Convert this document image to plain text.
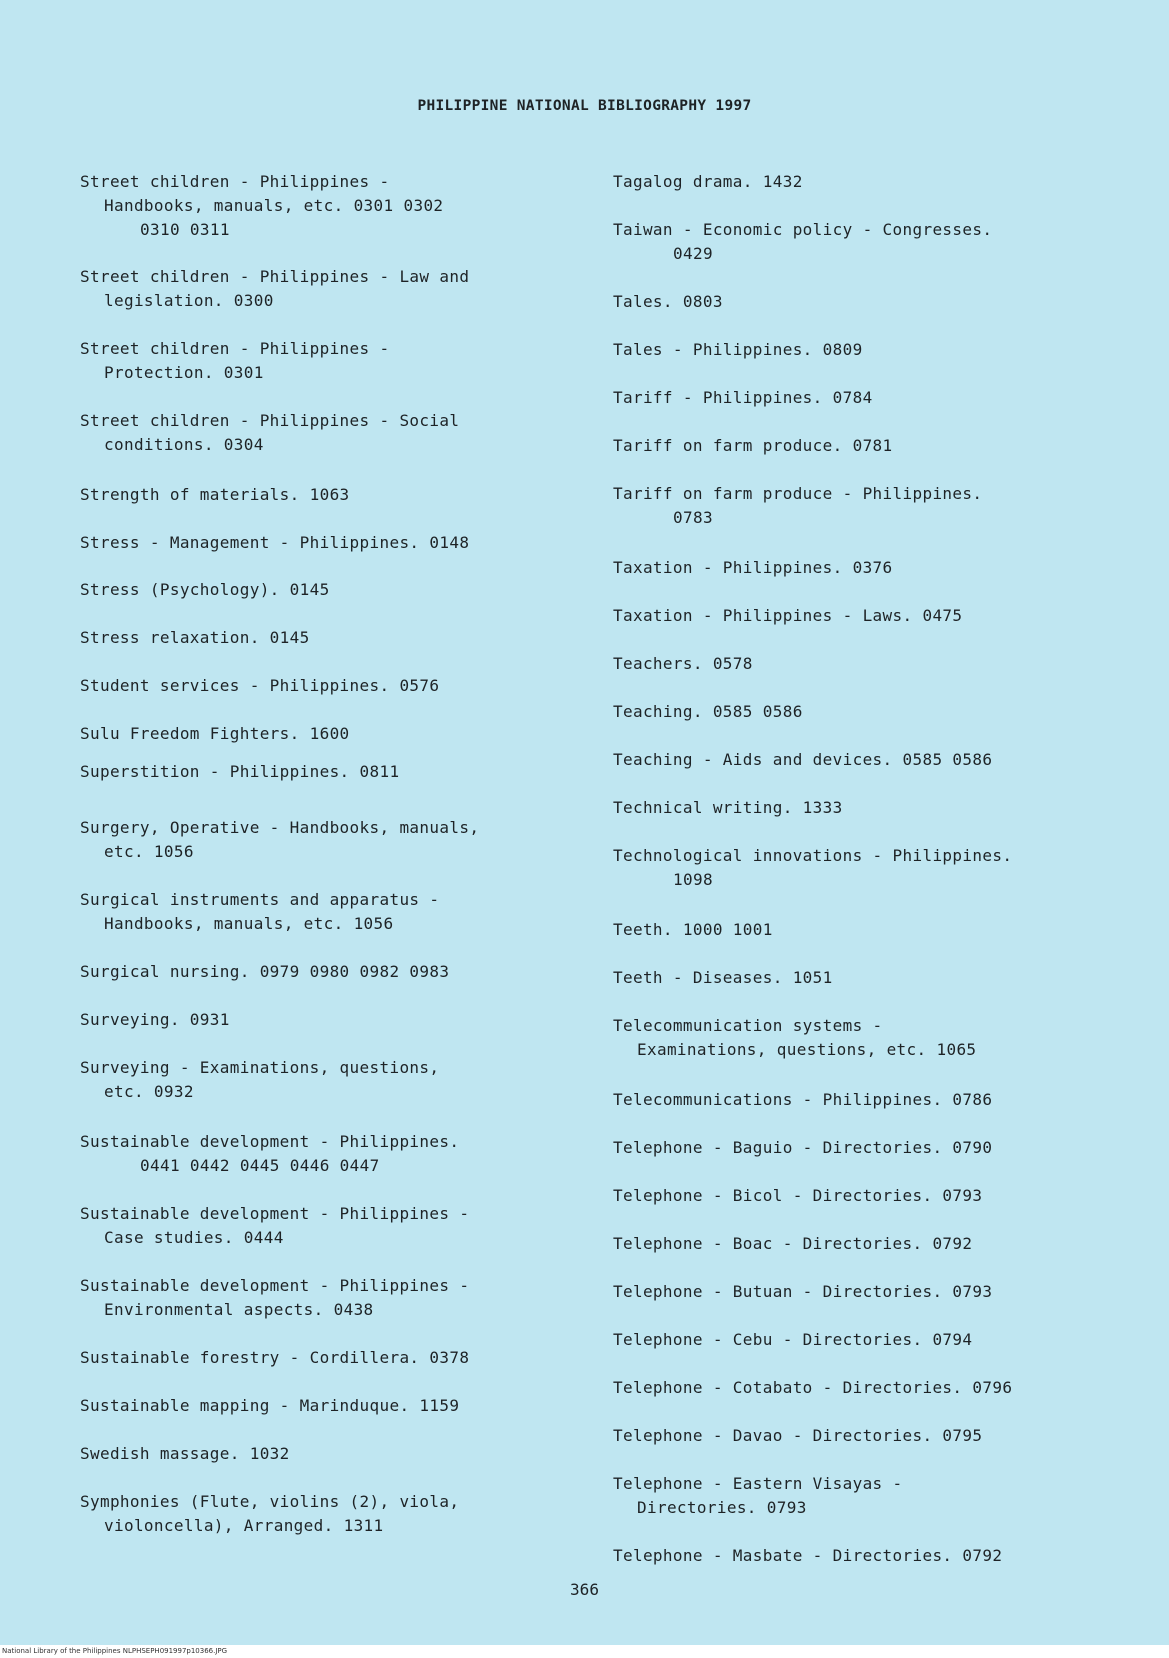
PHILIPPINE NATIONAL BIBLIOGRAPHY 1997
Street children - Philippines -
Handbooks, manuals, etc. 0301 0302
0310 0311
Street children - Philippines - Law and
legislation. 0300
Street children - Philippines -
Protection. 0301
Street children - Philippines - Social
conditions. 0304
Strength of materials. 1063
Stress - Management - Philippines. 0148
Stress (Psychology). 0145
Stress relaxation. 0145
Student services - Philippines. 0576
Sulu Freedom Fighters. 1600
Superstition - Philippines. 0811
Surgery, Operative - Handbooks, manuals,
etc. 1056
Surgical instruments and apparatus -
Handbooks, manuals, etc. 1056
Surgical nursing. 0979 0980 0982 0983
Surveying. 0931
Surveying - Examinations, questions,
etc. 0932
Sustainable development - Philippines.
0441 0442 0445 0446 0447
Sustainable development - Philippines -
Case studies. 0444
Sustainable development - Philippines -
Environmental aspects. 0438
Sustainable forestry - Cordillera. 0378
Sustainable mapping - Marinduque. 1159
Swedish massage. 1032
Symphonies (Flute, violins (2), viola,
violoncella), Arranged. 1311
Tagalog drama. 1432
Taiwan - Economic policy - Congresses.
0429
Tales. 0803
Tales - Philippines. 0809
Tariff - Philippines. 0784
Tariff on farm produce. 0781
Tariff on farm produce - Philippines.
0783
Taxation - Philippines. 0376
Taxation - Philippines - Laws. 0475
Teachers. 0578
Teaching. 0585 0586
Teaching - Aids and devices. 0585 0586
Technical writing. 1333
Technological innovations - Philippines.
1098
Teeth. 1000 1001
Teeth - Diseases. 1051
Telecommunication systems -
Examinations, questions, etc. 1065
Telecommunications - Philippines. 0786
Telephone - Baguio - Directories. 0790
Telephone - Bicol - Directories. 0793
Telephone - Boac - Directories. 0792
Telephone - Butuan - Directories. 0793
Telephone - Cebu - Directories. 0794
Telephone - Cotabato - Directories. 0796
Telephone - Davao - Directories. 0795
Telephone - Eastern Visayas -
Directories. 0793
Telephone - Masbate - Directories. 0792
366
National Library of the Philippines NLPHSEPH091997p10366.JPG
